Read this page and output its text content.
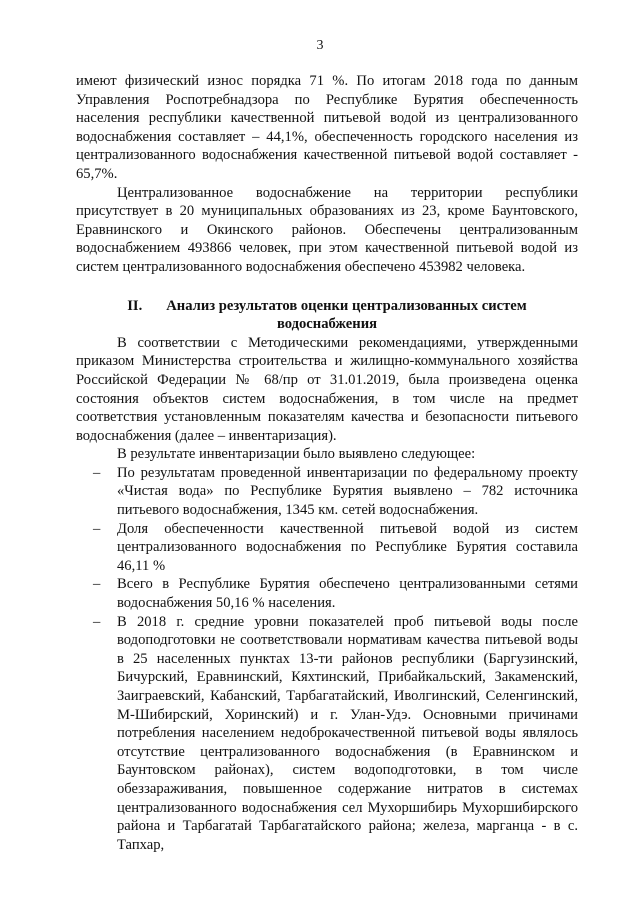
3

имеют физический износ порядка 71 %. По итогам 2018 года по данным Управления Роспотребнадзора по Республике Бурятия обеспеченность населения республики качественной питьевой водой из централизованного водоснабжения составляет – 44,1%, обеспеченность городского населения из централизованного водоснабжения качественной питьевой водой составляет - 65,7%.

Централизованное водоснабжение на территории республики присутствует в 20 муниципальных образованиях из 23, кроме Баунтовского, Еравнинского и Окинского районов. Обеспечены централизованным водоснабжением 493866 человек, при этом качественной питьевой водой из систем централизованного водоснабжения обеспечено 453982 человека.

II. Анализ результатов оценки централизованных систем водоснабжения

В соответствии с Методическими рекомендациями, утвержденными приказом Министерства строительства и жилищно-коммунального хозяйства Российской Федерации № 68/пр от 31.01.2019, была произведена оценка состояния объектов систем водоснабжения, в том числе на предмет соответствия установленным показателям качества и безопасности питьевого водоснабжения (далее – инвентаризация).

В результате инвентаризации было выявлено следующее:

– По результатам проведенной инвентаризации по федеральному проекту «Чистая вода» по Республике Бурятия выявлено – 782 источника питьевого водоснабжения, 1345 км. сетей водоснабжения.
– Доля обеспеченности качественной питьевой водой из систем централизованного водоснабжения по Республике Бурятия составила 46,11 %
– Всего в Республике Бурятия обеспечено централизованными сетями водоснабжения 50,16 % населения.
– В 2018 г. средние уровни показателей проб питьевой воды после водоподготовки не соответствовали нормативам качества питьевой воды в 25 населенных пунктах 13-ти районов республики (Баргузинский, Бичурский, Еравнинский, Кяхтинский, Прибайкальский, Закаменский, Заиграевский, Кабанский, Тарбагатайский, Иволгинский, Селенгинский, М-Шибирский, Хоринский) и г. Улан-Удэ. Основными причинами потребления населением недоброкачественной питьевой воды являлось отсутствие централизованного водоснабжения (в Еравнинском и Баунтовском районах), систем водоподготовки, в том числе обеззараживания, повышенное содержание нитратов в системах централизованного водоснабжения сел Мухоршибирь Мухоршибирского района и Тарбагатай Тарбагатайского района; железа, марганца - в с. Тапхар,
